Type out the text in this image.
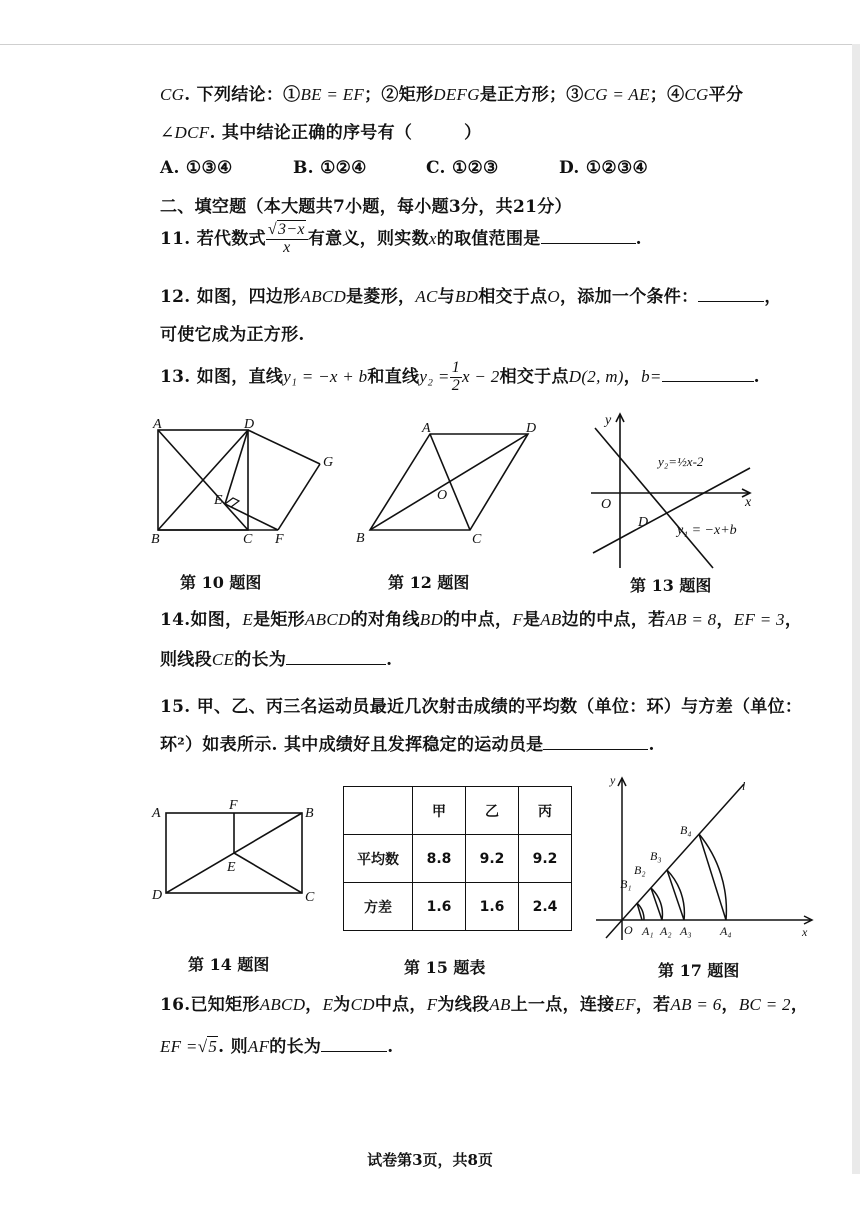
CG. 下列结论：①BE = EF；②矩形DEFG是正方形；③CG = AE；④CG平分
∠DCF. 其中结论正确的序号有（　　　）
A. ①③④	B. ①②④	C. ①②③	D. ①②③④
二、填空题（本大题共7小题，每小题3分，共21分）
11. 若代数式 $\frac{√3-x}{x}$ 有意义，则实数x的取值范围是	.
12. 如图，四边形ABCD是菱形，AC与BD相交于点O，添加一个条件：	，
可使它成为正方形.
13. 如图，直线y₁ = −x + b和直线$y_2 = \frac{1}{2}$ x − 2相交于点D(2, m)，b=	.
A	D
G
E
B	C F
第 10 题图
A	D
O
B	C
第 12 题图
y
x
O
D
y₂=½x-2
y₁ = −x+b
第 13 题图
14.如图，E是矩形ABCD的对角线BD的中点，F是AB边的中点，若AB = 8，EF = 3，
则线段CE的长为	.
15. 甲、乙、丙三名运动员最近几次射击成绩的平均数（单位：环）与方差（单位：
环²）如表所示. 其中成绩好且发挥稳定的运动员是	.
A
F
B
E
D	C
第 14 题图
	甲	乙	丙
平均数	8.8	9.2	9.2
方差	1.6	1.6	2.4
第 15 题表
y	l
x
O A₁ A₂ A₃ A₄
B₁
B₂
B₃
B₄
第 17 题图
16.已知矩形ABCD，E为CD中点，F为线段AB上一点，连接EF，若AB = 6，BC = 2，
EF =√5. 则AF的长为	.
试卷第3页，共8页
